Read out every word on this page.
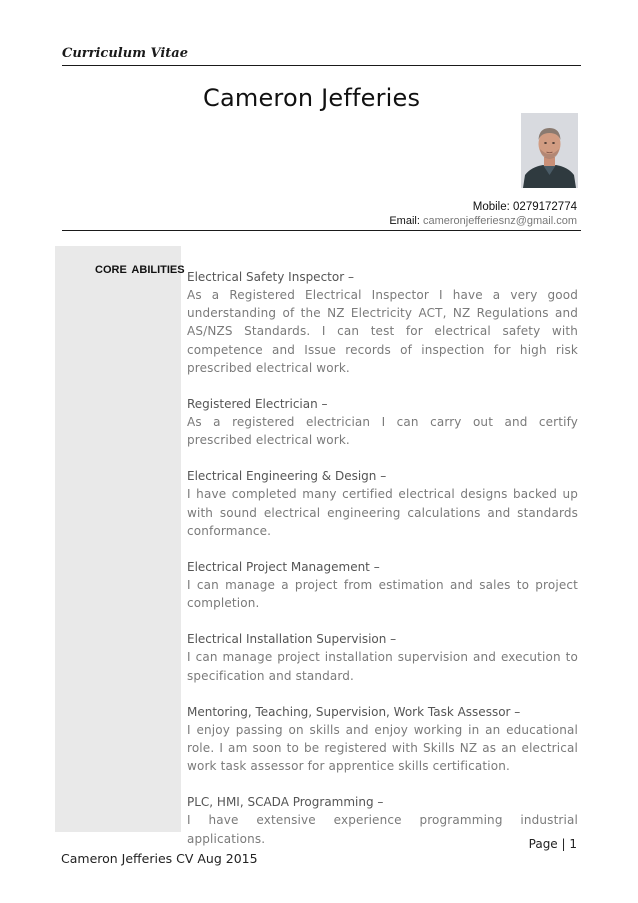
Curriculum Vitae
Cameron Jefferies
Mobile: 0279172774
Email: cameronjefferiesnz@gmail.com
CORE ABILITIES Electrical Safety Inspector –

As a Registered Electrical Inspector I have a very good understanding of the NZ Electricity ACT, NZ Regulations and AS/NZS Standards. I can test for electrical safety with competence and Issue records of inspection for high risk prescribed electrical work.

Registered Electrician –

As a registered electrician I can carry out and certify prescribed electrical work.

Electrical Engineering & Design –

I have completed many certified electrical designs backed up with sound electrical engineering calculations and standards conformance.

Electrical Project Management –

I can manage a project from estimation and sales to project completion.

Electrical Installation Supervision –

I can manage project installation supervision and execution to specification and standard.

Mentoring, Teaching, Supervision, Work Task Assessor –

I enjoy passing on skills and enjoy working in an educational role. I am soon to be registered with Skills NZ as an electrical work task assessor for apprentice skills certification.

PLC, HMI, SCADA Programming –

I have extensive experience programming industrial applications.	Page | 1
Cameron Jefferies CV Aug 2015
